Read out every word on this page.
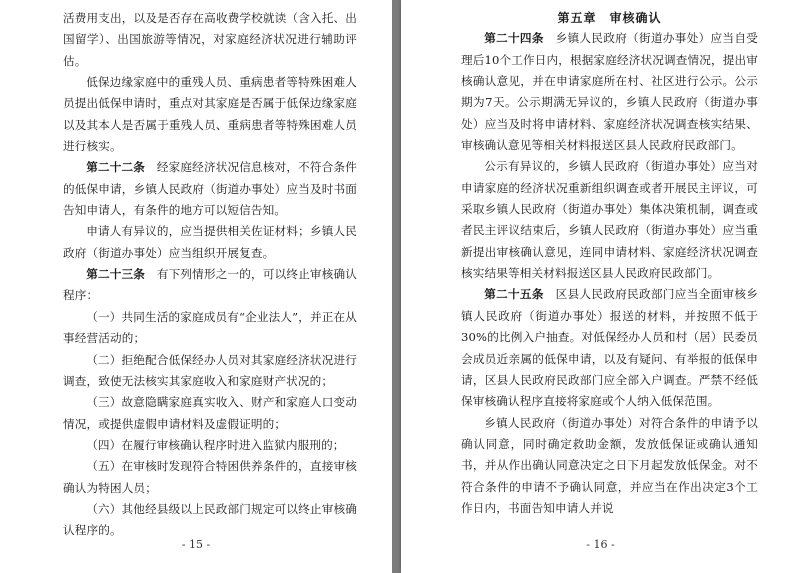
活费用支出，以及是否存在高收费学校就读（含入托、出国留学）、出国旅游等情况，对家庭经济状况进行辅助评估。

低保边缘家庭中的重残人员、重病患者等特殊困难人员提出低保申请时，重点对其家庭是否属于低保边缘家庭以及其本人是否属于重残人员、重病患者等特殊困难人员进行核实。

第二十二条　 经家庭经济状况信息核对，不符合条件的低保申请，乡镇人民政府（街道办事处）应当及时书面告知申请人，有条件的地方可以短信告知。

申请人有异议的，应当提供相关佐证材料；乡镇人民政府（街道办事处）应当组织开展复查。

第二十三条　 有下列情形之一的，可以终止审核确认程序：

（一）共同生活的家庭成员有“企业法人”，并正在从事经营活动的；

（二）拒绝配合低保经办人员对其家庭经济状况进行调查，致使无法核实其家庭收入和家庭财产状况的；

（三）故意隐瞒家庭真实收入、财产和家庭人口变动情况，或提供虚假申请材料及虚假证明的；

（四）在履行审核确认程序时进入监狱内服刑的；

（五）在审核时发现符合特困供养条件的，直接审核确认为特困人员；

（六）其他经县级以上民政部门规定可以终止审核确认程序的。

- 15 -
第五章　审核确认

第二十四条　 乡镇人民政府（街道办事处）应当自受理后10个工作日内，根据家庭经济状况调查情况，提出审核确认意见，并在申请家庭所在村、社区进行公示。公示期为7天。公示期满无异议的，乡镇人民政府（街道办事处）应当及时将申请材料、家庭经济状况调查核实结果、审核确认意见等相关材料报送区县人民政府民政部门。

公示有异议的，乡镇人民政府（街道办事处）应当对申请家庭的经济状况重新组织调查或者开展民主评议，可采取乡镇人民政府（街道办事处）集体决策机制，调查或者民主评议结束后，乡镇人民政府（街道办事处）应当重新提出审核确认意见，连同申请材料、家庭经济状况调查核实结果等相关材料报送区县人民政府民政部门。

第二十五条　 区县人民政府民政部门应当全面审核乡镇人民政府（街道办事处）报送的材料，并按照不低于30%的比例入户抽查。对低保经办人员和村（居）民委员会成员近亲属的低保申请，以及有疑问、有举报的低保申请，区县人民政府民政部门应全部入户调查。严禁不经低保审核确认程序直接将家庭或个人纳入低保范围。

乡镇人民政府（街道办事处）对符合条件的申请予以确认同意，同时确定救助金额，发放低保证或确认通知书，并从作出确认同意决定之日下月起发放低保金。对不符合条件的申请不予确认同意，并应当在作出决定3个工作日内，书面告知申请人并说

- 16 -
